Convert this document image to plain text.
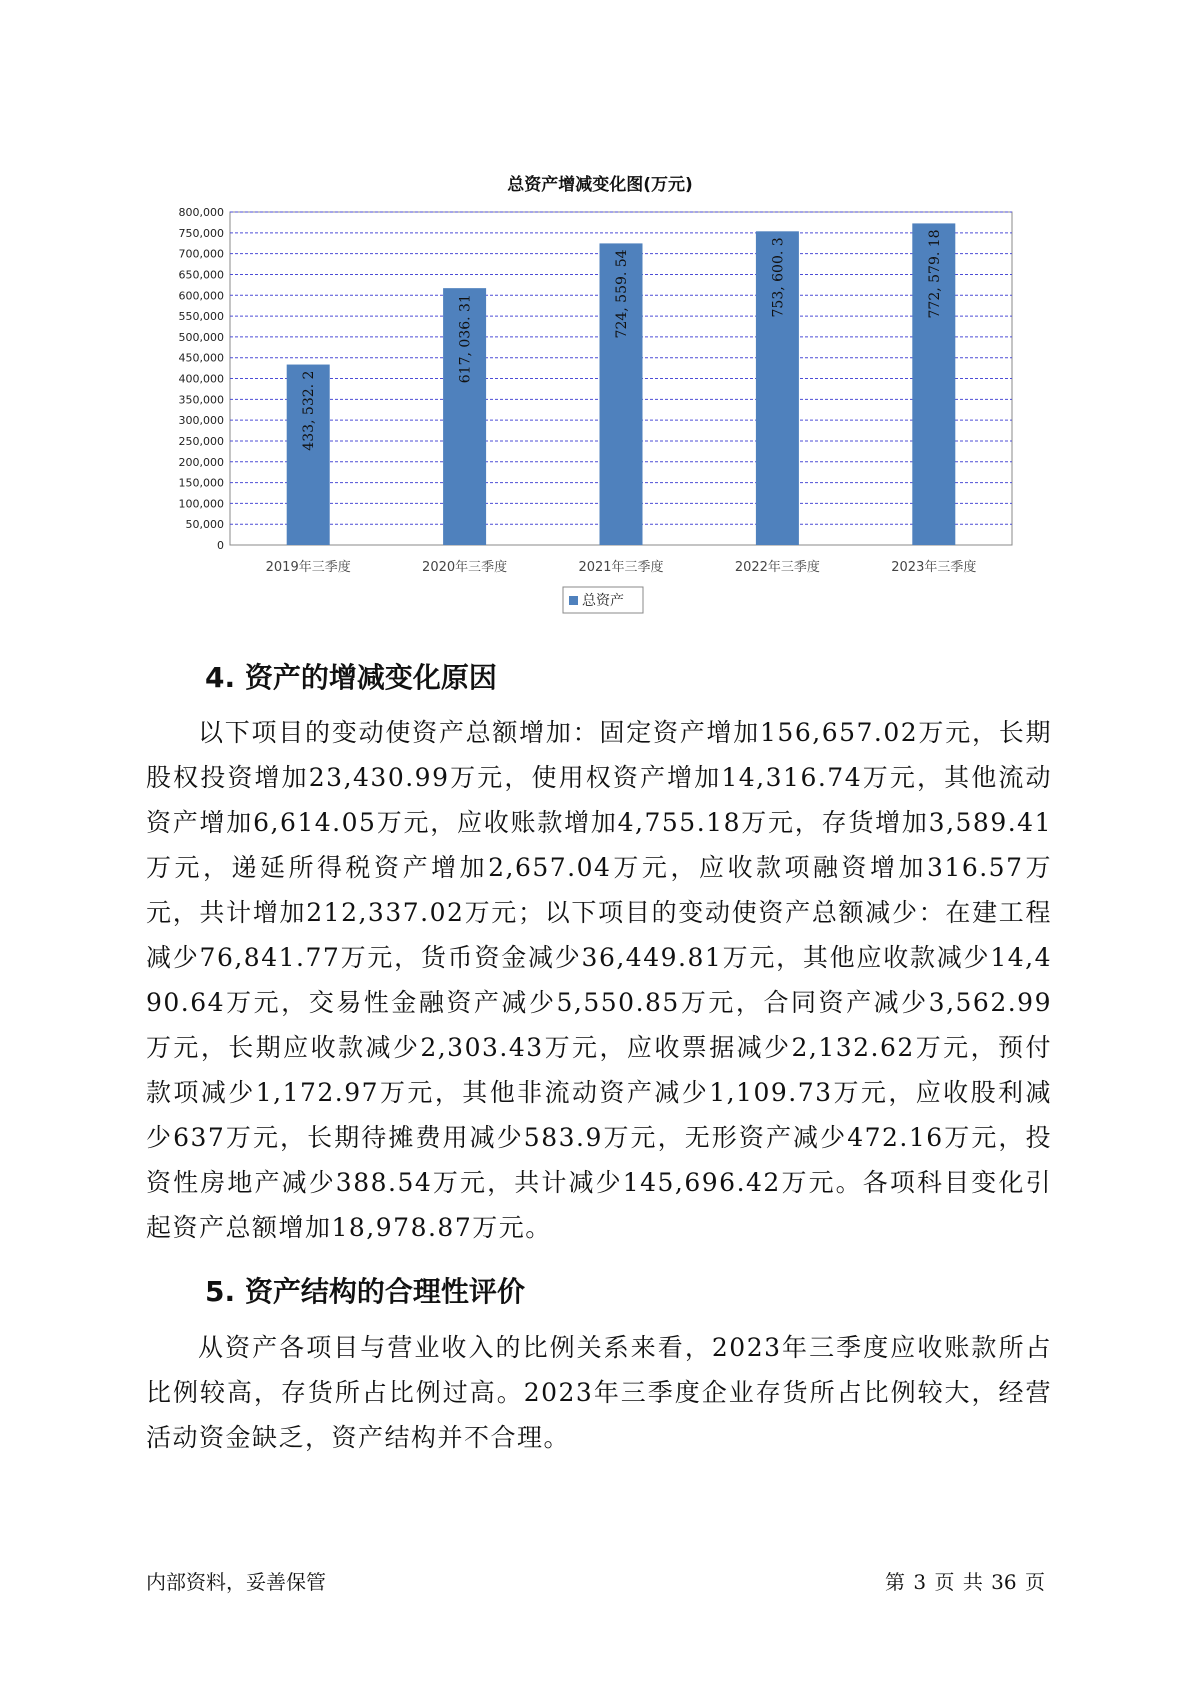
总资产增减变化图(万元)
0
50,000
100,000
150,000
200,000
250,000
300,000
350,000
400,000
450,000
500,000
550,000
600,000
650,000
700,000
750,000
800,000
433, 532. 2
2019年三季度
617, 036. 31
2020年三季度
724, 559. 54
2021年三季度
753, 600. 3
2022年三季度
772, 579. 18
2023年三季度
总资产
4. 资产的增减变化原因

以下项目的变动使资产总额增加：固定资产增加156,657.02万元，长期股权投资增加23,430.99万元，使用权资产增加14,316.74万元，其他流动资产增加6,614.05万元，应收账款增加4,755.18万元，存货增加3,589.41万元，递延所得税资产增加2,657.04万元，应收款项融资增加316.57万元，共计增加212,337.02万元；以下项目的变动使资产总额减少：在建工程减少76,841.77万元，货币资金减少36,449.81万元，其他应收款减少14,490.64万元，交易性金融资产减少5,550.85万元，合同资产减少3,562.99万元，长期应收款减少2,303.43万元，应收票据减少2,132.62万元，预付款项减少1,172.97万元，其他非流动资产减少1,109.73万元，应收股利减少637万元，长期待摊费用减少583.9万元，无形资产减少472.16万元，投资性房地产减少388.54万元，共计减少145,696.42万元。各项科目变化引起资产总额增加18,978.87万元。

5. 资产结构的合理性评价

从资产各项目与营业收入的比例关系来看，2023年三季度应收账款所占比例较高，存货所占比例过高。2023年三季度企业存货所占比例较大，经营活动资金缺乏，资产结构并不合理。

内部资料，妥善保管	第 3 页 共 36 页
